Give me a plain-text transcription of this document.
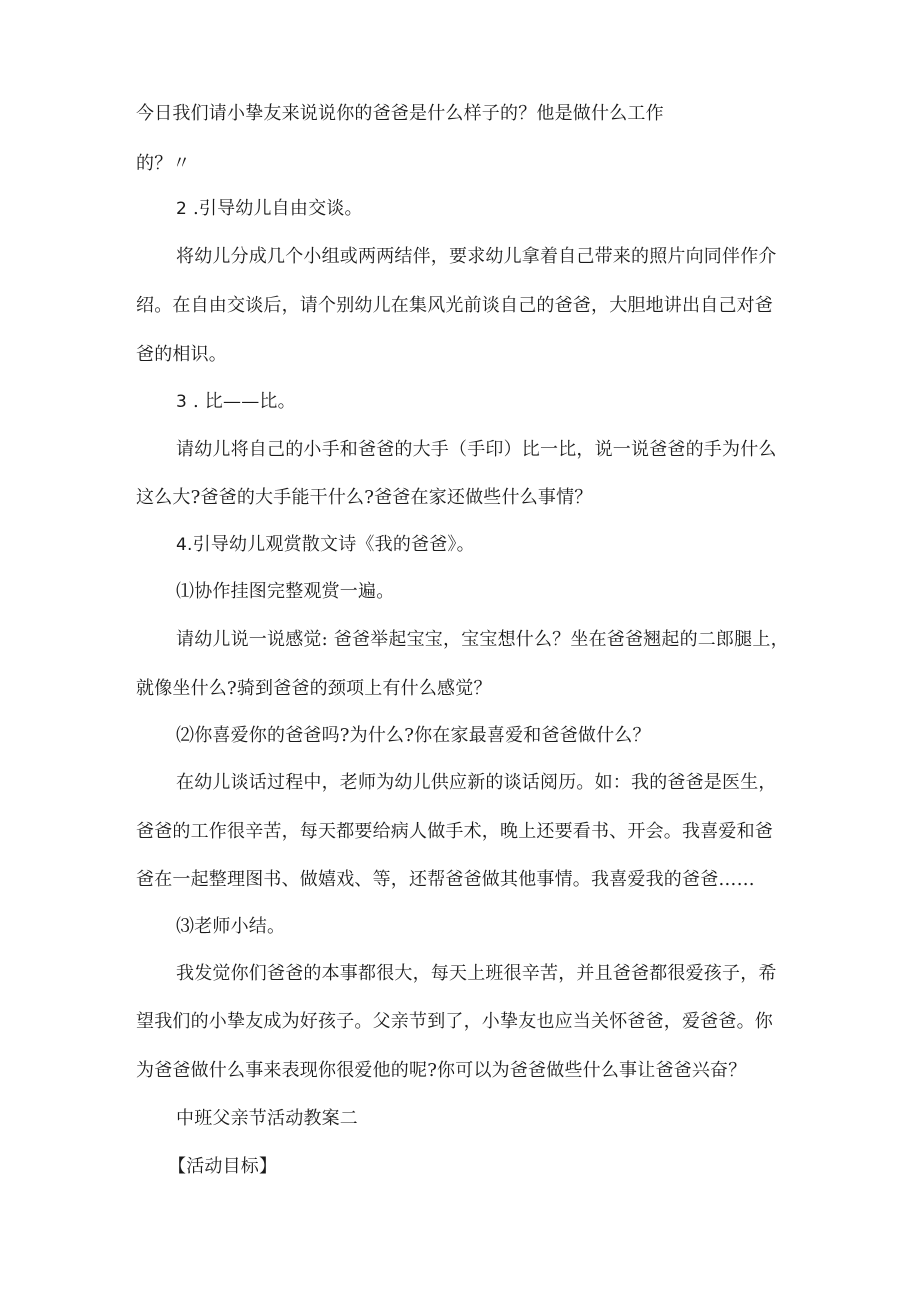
今日我们请小挚友来说说你的爸爸是什么样子的？他是做什么工作
的？〃
2 .引导幼儿自由交谈。
将幼儿分成几个小组或两两结伴，要求幼儿拿着自己带来的照片向同伴作介
绍。在自由交谈后，请个别幼儿在集风光前谈自己的爸爸，大胆地讲出自己对爸
爸的相识。
3 . 比——比。
请幼儿将自己的小手和爸爸的大手（手印）比一比，说一说爸爸的手为什么
这么大?爸爸的大手能干什么?爸爸在家还做些什么事情？
4.引导幼儿观赏散文诗《我的爸爸》。
⑴协作挂图完整观赏一遍。
请幼儿说一说感觉: 爸爸举起宝宝，宝宝想什么？坐在爸爸翘起的二郎腿上，
就像坐什么?骑到爸爸的颈项上有什么感觉？
⑵你喜爱你的爸爸吗?为什么?你在家最喜爱和爸爸做什么？
在幼儿谈话过程中，老师为幼儿供应新的谈话阅历。如：我的爸爸是医生，
爸爸的工作很辛苦，每天都要给病人做手术，晚上还要看书、开会。我喜爱和爸
爸在一起整理图书、做嬉戏、等，还帮爸爸做其他事情。我喜爱我的爸爸……
⑶老师小结。
我发觉你们爸爸的本事都很大，每天上班很辛苦，并且爸爸都很爱孩子，希
望我们的小挚友成为好孩子。父亲节到了，小挚友也应当关怀爸爸，爱爸爸。你
为爸爸做什么事来表现你很爱他的呢?你可以为爸爸做些什么事让爸爸兴奋？
中班父亲节活动教案二
【活动目标】
